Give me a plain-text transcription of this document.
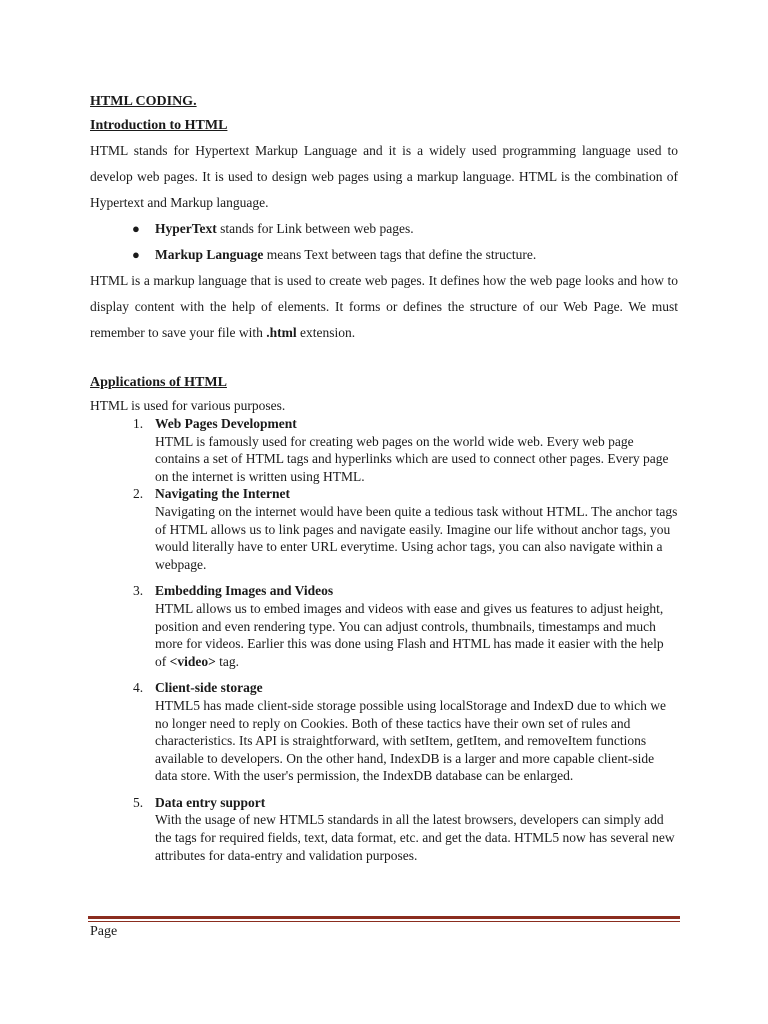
HTML CODING.
Introduction to HTML

HTML stands for Hypertext Markup Language and it is a widely used programming language used to develop web pages. It is used to design web pages using a markup language. HTML is the combination of Hypertext and Markup language.

● HyperText stands for Link between web pages.
● Markup Language means Text between tags that define the structure.

HTML is a markup language that is used to create web pages. It defines how the web page looks and how to display content with the help of elements. It forms or defines the structure of our Web Page. We must remember to save your file with .html extension.

Applications of HTML

HTML is used for various purposes.

1. Web Pages Development
HTML is famously used for creating web pages on the world wide web. Every web page contains a set of HTML tags and hyperlinks which are used to connect other pages. Every page on the internet is written using HTML.
2. Navigating the Internet
Navigating on the internet would have been quite a tedious task without HTML. The anchor tags of HTML allows us to link pages and navigate easily. Imagine our life without anchor tags, you would literally have to enter URL everytime. Using achor tags, you can also navigate within a webpage.
3. Embedding Images and Videos
HTML allows us to embed images and videos with ease and gives us features to adjust height, position and even rendering type. You can adjust controls, thumbnails, timestamps and much more for videos. Earlier this was done using Flash and HTML has made it easier with the help of <video> tag.
4. Client-side storage
HTML5 has made client-side storage possible using localStorage and IndexD due to which we no longer need to reply on Cookies. Both of these tactics have their own set of rules and characteristics. Its API is straightforward, with setItem, getItem, and removeItem functions available to developers. On the other hand, IndexDB is a larger and more capable client-side data store. With the user's permission, the IndexDB database can be enlarged.
5. Data entry support
With the usage of new HTML5 standards in all the latest browsers, developers can simply add the tags for required fields, text, data format, etc. and get the data. HTML5 now has several new attributes for data-entry and validation purposes.
Page
